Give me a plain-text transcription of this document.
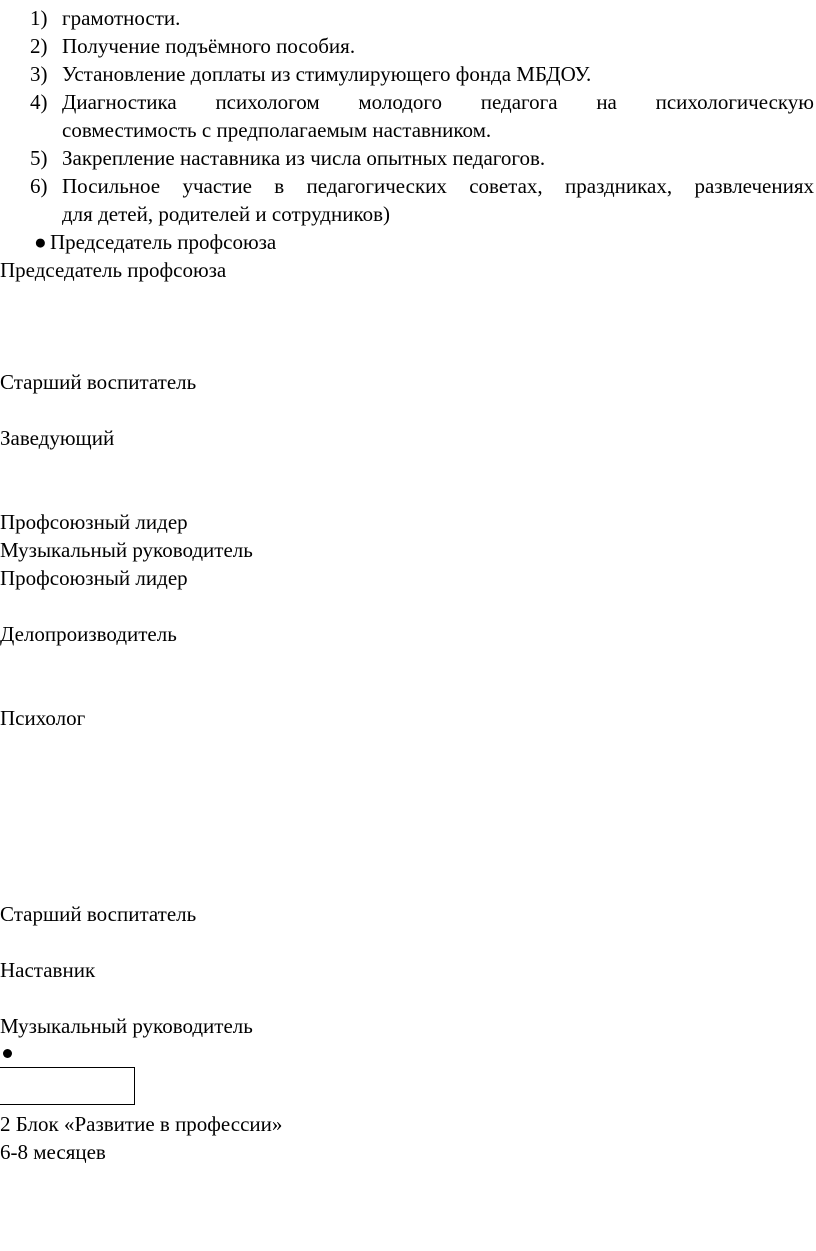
1) грамотности.
2) Получение подъёмного пособия.
3) Установление доплаты из стимулирующего фонда МБДОУ.
4) Диагностика психологом молодого педагога на психологическую
совместимость с предполагаемым наставником.
5) Закрепление наставника из числа опытных педагогов.
6) Посильное участие в педагогических советах, праздниках, развлечениях
для детей, родителей и сотрудников)
● Председатель профсоюза
Председатель профсоюза
Старший воспитатель
Заведующий
Профсоюзный лидер
Музыкальный руководитель
Профсоюзный лидер
Делопроизводитель
Психолог
Старший воспитатель
Наставник
Музыкальный руководитель
2 Блок «Развитие в профессии»
6-8 месяцев
